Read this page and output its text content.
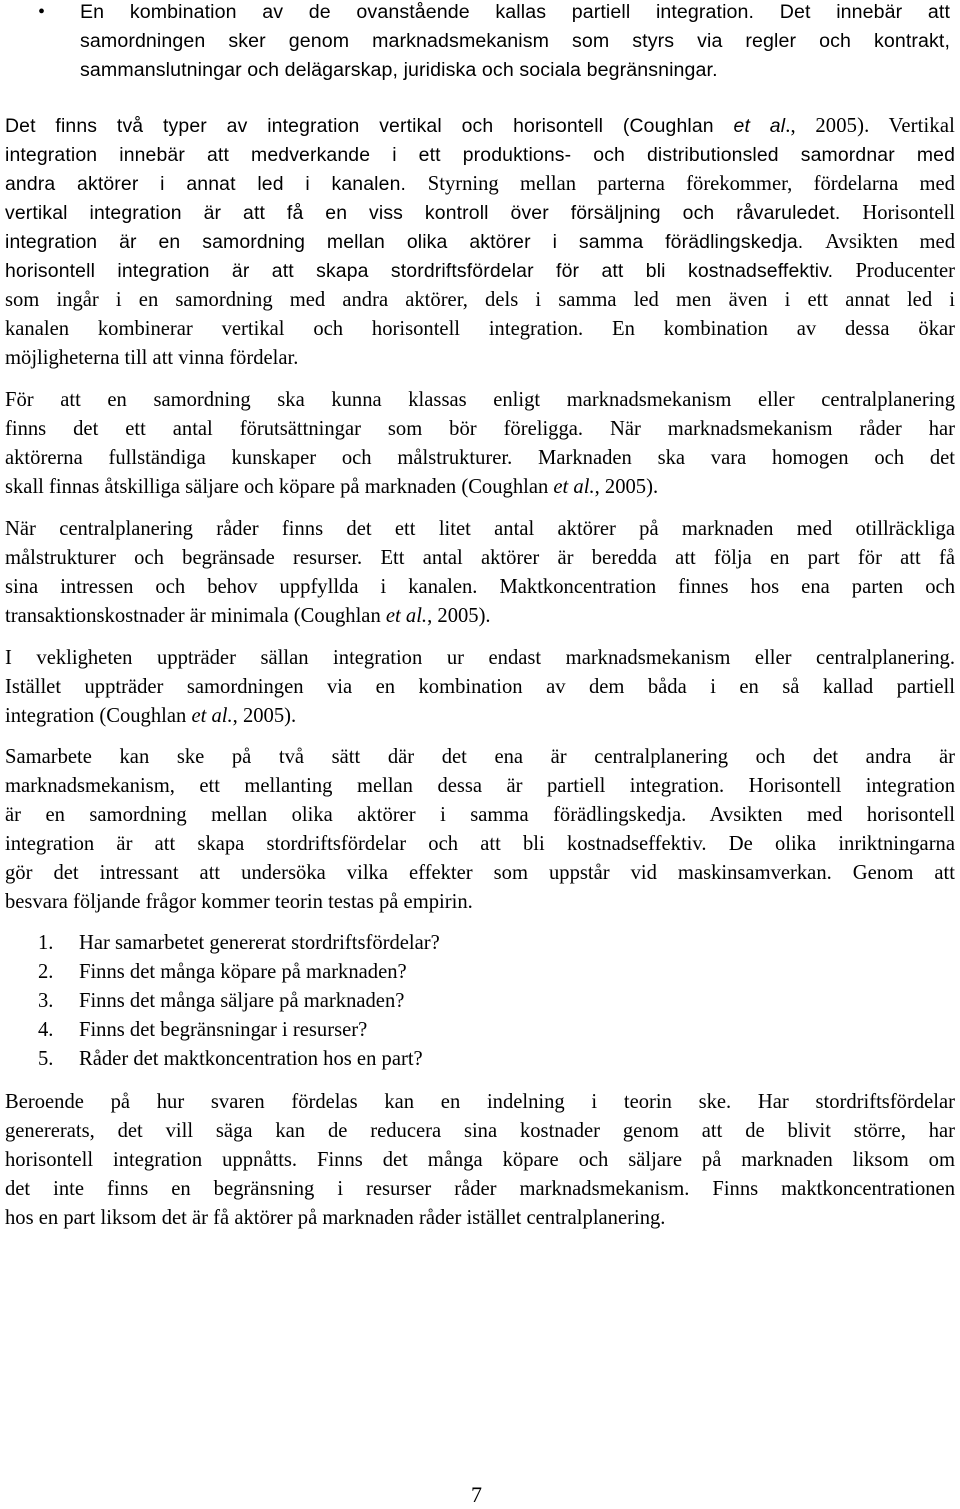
• En kombination av de ovanstående kallas partiell integration. Det innebär att
samordningen sker genom marknadsmekanism som styrs via regler och kontrakt,
sammanslutningar och delägarskap, juridiska och sociala begränsningar.
Det finns två typer av integration vertikal och horisontell (Coughlan et al., 2005). Vertikal
integration innebär att medverkande i ett produktions- och distributionsled samordnar med
andra aktörer i annat led i kanalen. Styrning mellan parterna förekommer, fördelarna med
vertikal integration är att få en viss kontroll över försäljning och råvaruledet. Horisontell
integration är en samordning mellan olika aktörer i samma förädlingskedja. Avsikten med
horisontell integration är att skapa stordriftsfördelar för att bli kostnadseffektiv. Producenter
som ingår i en samordning med andra aktörer, dels i samma led men även i ett annat led i
kanalen kombinerar vertikal och horisontell integration. En kombination av dessa ökar
möjligheterna till att vinna fördelar.
För att en samordning ska kunna klassas enligt marknadsmekanism eller centralplanering
finns det ett antal förutsättningar som bör föreligga. När marknadsmekanism råder har
aktörerna fullständiga kunskaper och målstrukturer. Marknaden ska vara homogen och det
skall finnas åtskilliga säljare och köpare på marknaden (Coughlan et al., 2005).
När centralplanering råder finns det ett litet antal aktörer på marknaden med otillräckliga
målstrukturer och begränsade resurser. Ett antal aktörer är beredda att följa en part för att få
sina intressen och behov uppfyllda i kanalen. Maktkoncentration finnes hos ena parten och
transaktionskostnader är minimala (Coughlan et al., 2005).
I vekligheten uppträder sällan integration ur endast marknadsmekanism eller centralplanering.
Istället uppträder samordningen via en kombination av dem båda i en så kallad partiell
integration (Coughlan et al., 2005).
Samarbete kan ske på två sätt där det ena är centralplanering och det andra är
marknadsmekanism, ett mellanting mellan dessa är partiell integration. Horisontell integration
är en samordning mellan olika aktörer i samma förädlingskedja. Avsikten med horisontell
integration är att skapa stordriftsfördelar och att bli kostnadseffektiv. De olika inriktningarna
gör det intressant att undersöka vilka effekter som uppstår vid maskinsamverkan. Genom att
besvara följande frågor kommer teorin testas på empirin.
1. Har samarbetet genererat stordriftsfördelar?
2. Finns det många köpare på marknaden?
3. Finns det många säljare på marknaden?
4. Finns det begränsningar i resurser?
5. Råder det maktkoncentration hos en part?
Beroende på hur svaren fördelas kan en indelning i teorin ske. Har stordriftsfördelar
genererats, det vill säga kan de reducera sina kostnader genom att de blivit större, har
horisontell integration uppnåtts. Finns det många köpare och säljare på marknaden liksom om
det inte finns en begränsning i resurser råder marknadsmekanism. Finns maktkoncentrationen
hos en part liksom det är få aktörer på marknaden råder istället centralplanering.
7
